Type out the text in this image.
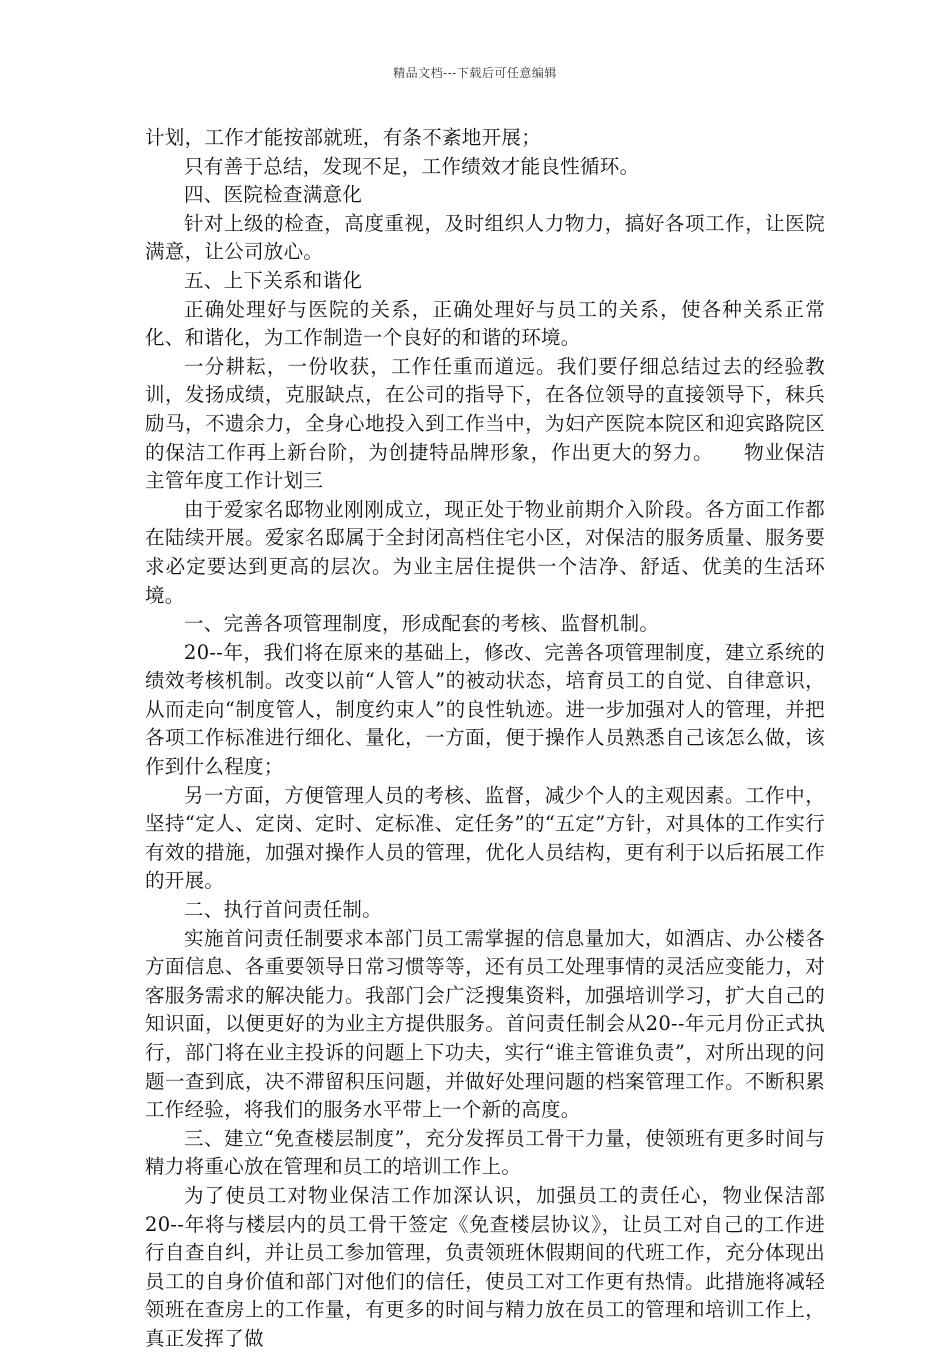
精品文档---下载后可任意编辑

计划，工作才能按部就班，有条不紊地开展；

只有善于总结，发现不足，工作绩效才能良性循环。

四、医院检查满意化

针对上级的检查，高度重视，及时组织人力物力，搞好各项工作，让医院满意，让公司放心。

五、上下关系和谐化

正确处理好与医院的关系，正确处理好与员工的关系，使各种关系正常化、和谐化，为工作制造一个良好的和谐的环境。

一分耕耘，一份收获，工作任重而道远。我们要仔细总结过去的经验教训，发扬成绩，克服缺点，在公司的指导下，在各位领导的直接领导下，秣兵励马，不遗余力，全身心地投入到工作当中，为妇产医院本院区和迎宾路院区的保洁工作再上新台阶，为创捷特品牌形象，作出更大的努力。　　物业保洁主管年度工作计划三

由于爱家名邸物业刚刚成立，现正处于物业前期介入阶段。各方面工作都在陆续开展。爱家名邸属于全封闭高档住宅小区，对保洁的服务质量、服务要求必定要达到更高的层次。为业主居住提供一个洁净、舒适、优美的生活环境。

一、完善各项管理制度，形成配套的考核、监督机制。

20--年，我们将在原来的基础上，修改、完善各项管理制度，建立系统的绩效考核机制。改变以前“人管人”的被动状态，培育员工的自觉、自律意识，从而走向“制度管人，制度约束人”的良性轨迹。进一步加强对人的管理，并把各项工作标准进行细化、量化，一方面，便于操作人员熟悉自己该怎么做，该作到什么程度；

另一方面，方便管理人员的考核、监督，减少个人的主观因素。工作中，坚持“定人、定岗、定时、定标准、定任务”的“五定”方针，对具体的工作实行有效的措施，加强对操作人员的管理，优化人员结构，更有利于以后拓展工作的开展。

二、执行首问责任制。

实施首问责任制要求本部门员工需掌握的信息量加大，如酒店、办公楼各方面信息、各重要领导日常习惯等等，还有员工处理事情的灵活应变能力，对客服务需求的解决能力。我部门会广泛搜集资料，加强培训学习，扩大自己的知识面，以便更好的为业主方提供服务。首问责任制会从20--年元月份正式执行，部门将在业主投诉的问题上下功夫，实行“谁主管谁负责”，对所出现的问题一查到底，决不滞留积压问题，并做好处理问题的档案管理工作。不断积累工作经验，将我们的服务水平带上一个新的高度。

三、建立“免查楼层制度”，充分发挥员工骨干力量，使领班有更多时间与精力将重心放在管理和员工的培训工作上。

为了使员工对物业保洁工作加深认识，加强员工的责任心，物业保洁部20--年将与楼层内的员工骨干签定《免查楼层协议》，让员工对自己的工作进行自查自纠，并让员工参加管理，负责领班休假期间的代班工作，充分体现出员工的自身价值和部门对他们的信任，使员工对工作更有热情。此措施将减轻领班在查房上的工作量，有更多的时间与精力放在员工的管理和培训工作上，真正发挥了做
